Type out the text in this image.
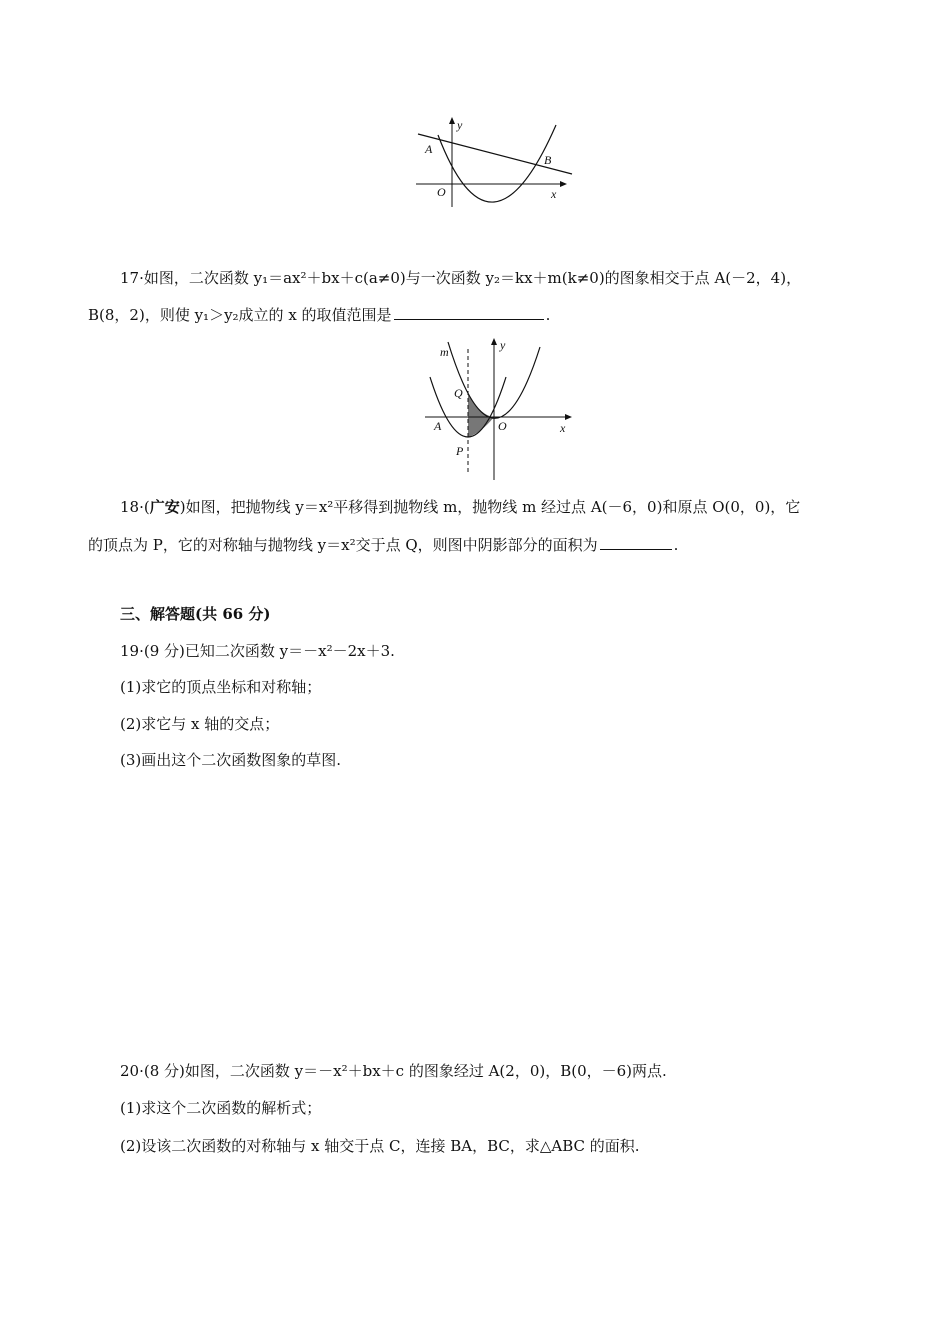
y
A
B
O	x
17·如图，二次函数 y₁＝ax²＋bx＋c(a≠0)与一次函数 y₂＝kx＋m(k≠0)的图象相交于点 A(－2，4)，
B(8，2)，则使 y₁＞y₂成立的 x 的取值范围是	.
m	y
Q
A	O	x
P
18·(广安)如图，把抛物线 y＝x²平移得到抛物线 m，抛物线 m 经过点 A(－6，0)和原点 O(0，0)，它
的顶点为 P，它的对称轴与抛物线 y＝x²交于点 Q，则图中阴影部分的面积为	.
三、解答题(共 66 分)
19·(9 分)已知二次函数 y＝－x²－2x＋3.
(1)求它的顶点坐标和对称轴；
(2)求它与 x 轴的交点；
(3)画出这个二次函数图象的草图.
20·(8 分)如图，二次函数 y＝－x²＋bx＋c 的图象经过 A(2，0)，B(0，－6)两点.
(1)求这个二次函数的解析式；
(2)设该二次函数的对称轴与 x 轴交于点 C，连接 BA，BC，求△ABC 的面积.
